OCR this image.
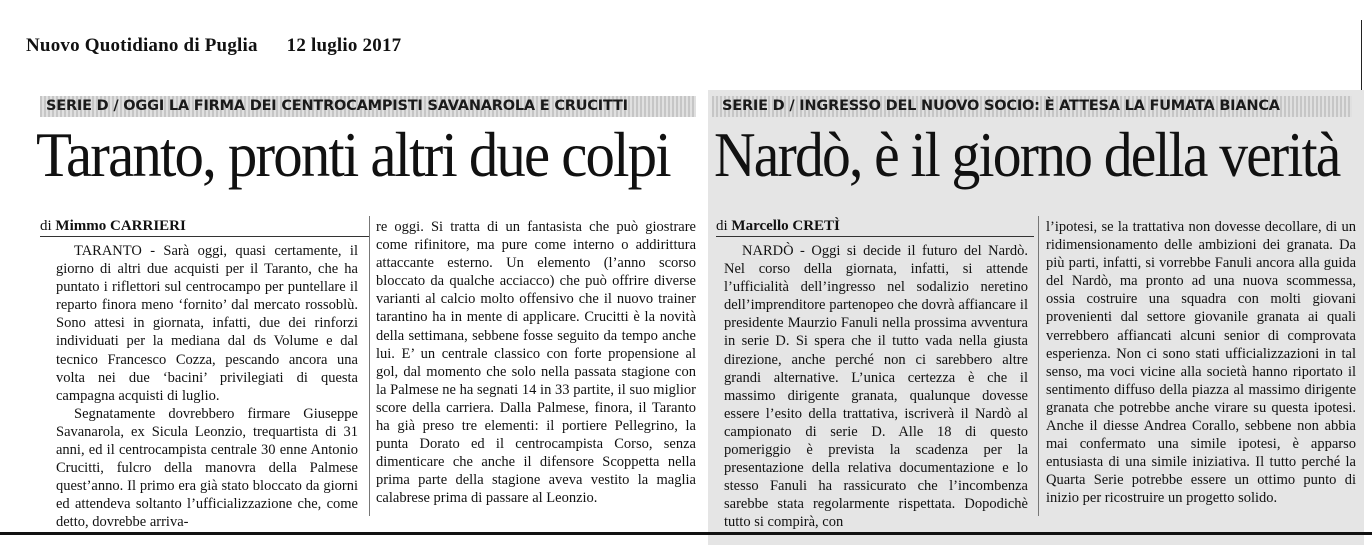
Nuovo Quotidiano di Puglia 12 luglio 2017
SERIE D / OGGI LA FIRMA DEI CENTROCAMPISTI SAVANAROLA E CRUCITTI
Taranto, pronti altri due colpi
di Mimmo CARRIERI

TARANTO - Sarà oggi, quasi certamente, il giorno di altri due acquisti per il Taranto, che ha puntato i riflettori sul centrocampo per puntellare il reparto finora meno ‘fornito’ dal mercato rossoblù. Sono attesi in giornata, infatti, due dei rinforzi individuati per la mediana dal ds Volume e dal tecnico Francesco Cozza, pescando ancora una volta nei due ‘bacini’ privilegiati di questa campagna acquisti di luglio.

Segnatamente dovrebbero firmare Giuseppe Savanarola, ex Sicula Leonzio, trequartista di 31 anni, ed il centrocampista centrale 30 enne Antonio Crucitti, fulcro della manovra della Palmese quest’anno. Il primo era già stato bloccato da giorni ed attendeva soltanto l’ufficializzazione che, come detto, dovrebbe arriva-

re oggi. Si tratta di un fantasista che può giostrare come rifinitore, ma pure come interno o addirittura attaccante esterno. Un elemento (l’anno scorso bloccato da qualche acciacco) che può offrire diverse varianti al calcio molto offensivo che il nuovo trainer tarantino ha in mente di applicare. Crucitti è la novità della settimana, sebbene fosse seguito da tempo anche lui. E’ un centrale classico con forte propensione al gol, dal momento che solo nella passata stagione con la Palmese ne ha segnati 14 in 33 partite, il suo miglior score della carriera. Dalla Palmese, finora, il Taranto ha già preso tre elementi: il portiere Pellegrino, la punta Dorato ed il centrocampista Corso, senza dimenticare che anche il difensore Scoppetta nella prima parte della stagione aveva vestito la maglia calabrese prima di passare al Leonzio.

SERIE D / INGRESSO DEL NUOVO SOCIO: È ATTESA LA FUMATA BIANCA
Nardò, è il giorno della verità
di Marcello CRETÌ

NARDÒ - Oggi si decide il futuro del Nardò. Nel corso della giornata, infatti, si attende l’ufficialità dell’ingresso nel sodalizio neretino dell’imprenditore partenopeo che dovrà affiancare il presidente Maurzio Fanuli nella prossima avventura in serie D. Si spera che il tutto vada nella giusta direzione, anche perché non ci sarebbero altre grandi alternative. L’unica certezza è che il massimo dirigente granata, qualunque dovesse essere l’esito della trattativa, iscriverà il Nardò al campionato di serie D. Alle 18 di questo pomeriggio è prevista la scadenza per la presentazione della relativa documentazione e lo stesso Fanuli ha rassicurato che l’incombenza sarebbe stata regolarmente rispettata. Dopodichè tutto si compirà, con

l’ipotesi, se la trattativa non dovesse decollare, di un ridimensionamento delle ambizioni dei granata. Da più parti, infatti, si vorrebbe Fanuli ancora alla guida del Nardò, ma pronto ad una nuova scommessa, ossia costruire una squadra con molti giovani provenienti dal settore giovanile granata ai quali verrebbero affiancati alcuni senior di comprovata esperienza. Non ci sono stati ufficializzazioni in tal senso, ma voci vicine alla società hanno riportato il sentimento diffuso della piazza al massimo dirigente granata che potrebbe anche virare su questa ipotesi. Anche il diesse Andrea Corallo, sebbene non abbia mai confermato una simile ipotesi, è apparso entusiasta di una simile iniziativa. Il tutto perché la Quarta Serie potrebbe essere un ottimo punto di inizio per ricostruire un progetto solido.
